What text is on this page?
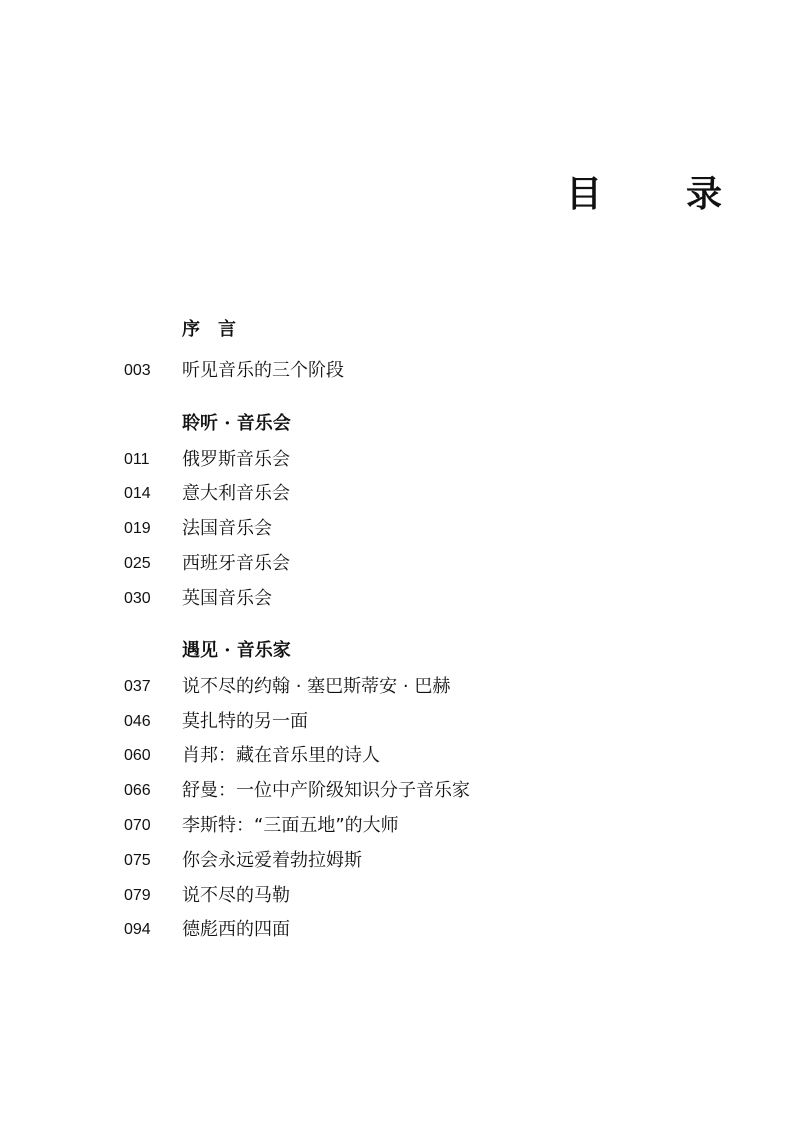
目　录
序　言
003 听见音乐的三个阶段
聆听 · 音乐会
011 俄罗斯音乐会
014 意大利音乐会
019 法国音乐会
025 西班牙音乐会
030 英国音乐会
遇见 · 音乐家
037 说不尽的约翰 · 塞巴斯蒂安 · 巴赫
046 莫扎特的另一面
060 肖邦：藏在音乐里的诗人
066 舒曼：一位中产阶级知识分子音乐家
070 李斯特：“三面五地”的大师
075 你会永远爱着勃拉姆斯
079 说不尽的马勒
094 德彪西的四面
